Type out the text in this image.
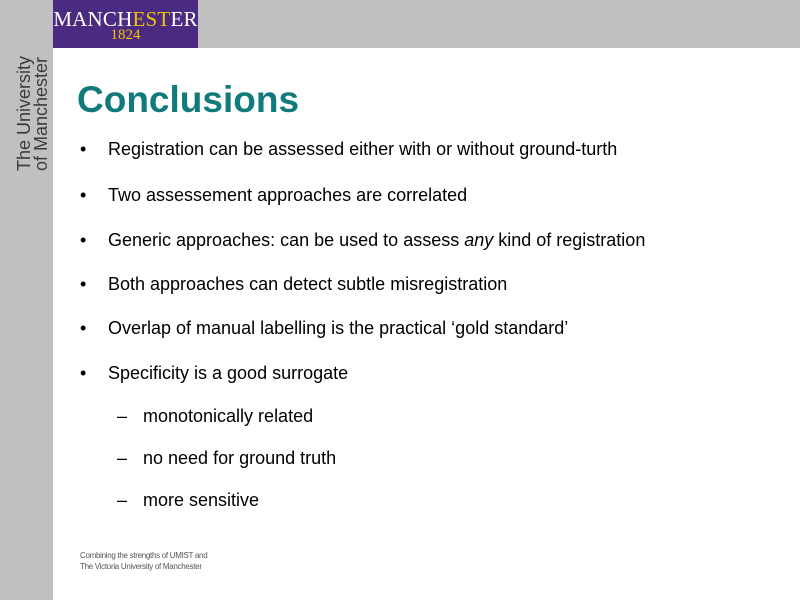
MANCHESTER
1824
The University
of Manchester Conclusions
•	Registration can be assessed either with or without ground-turth
•	Two assessement approaches are correlated
•	Generic approaches: can be used to assess any kind of registration
•	Both approaches can detect subtle misregistration
•	Overlap of manual labelling is the practical ‘gold standard’
•	Specificity is a good surrogate
– monotonically related
– no need for ground truth
– more sensitive
Combining the strengths of UMIST and
The Victoria University of Manchester
